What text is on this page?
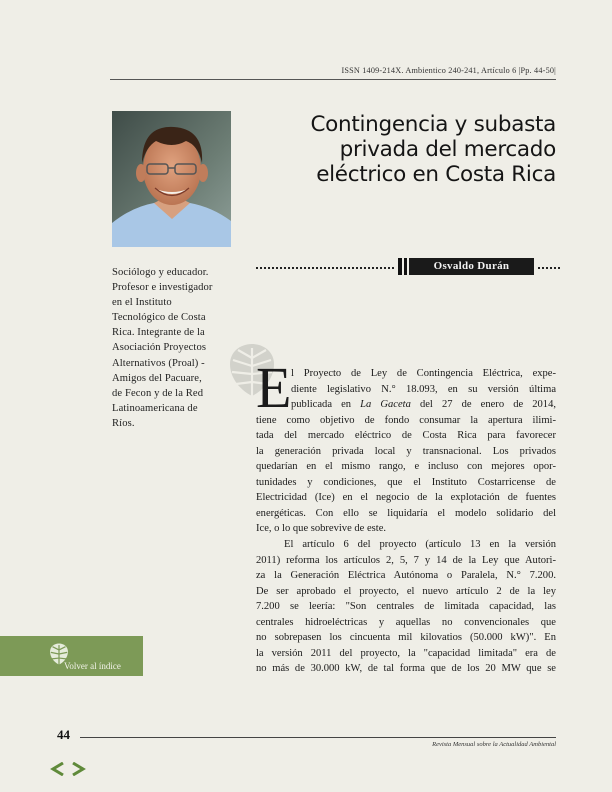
ISSN 1409-214X. Ambientico 240-241, Artículo 6 |Pp. 44-50|
Contingencia y subasta
privada del mercado
eléctrico en Costa Rica
Osvaldo Durán
Sociólogo y educador.
Profesor e investigador
en el Instituto
Tecnológico de Costa
Rica. Integrante de la
Asociación Proyectos
Alternativos (Proal) -
Amigos del Pacuare,
de Fecon y de la Red
Latinoamericana de
Ríos.
E l Proyecto de Ley de Contingencia Eléctrica, expe-
diente legislativo N.° 18.093, en su versión última
publicada en La Gaceta del 27 de enero de 2014,
tiene como objetivo de fondo consumar la apertura ilimi-
tada del mercado eléctrico de Costa Rica para favorecer
la generación privada local y transnacional. Los privados
quedarían en el mismo rango, e incluso con mejores opor-
tunidades y condiciones, que el Instituto Costarricense de
Electricidad (Ice) en el negocio de la explotación de fuentes
energéticas. Con ello se liquidaría el modelo solidario del
Ice, o lo que sobrevive de este.
El artículo 6 del proyecto (artículo 13 en la versión
2011) reforma los artículos 2, 5, 7 y 14 de la Ley que Autori-
za la Generación Eléctrica Autónoma o Paralela, N.° 7.200.
De ser aprobado el proyecto, el nuevo artículo 2 de la ley
7.200 se leería: "Son centrales de limitada capacidad, las
centrales hidroeléctricas y aquellas no convencionales que
no sobrepasen los cincuenta mil kilovatios (50.000 kW)". En
la versión 2011 del proyecto, la "capacidad limitada" era de
no más de 30.000 kW, de tal forma que de los 20 MW que se
Volver al índice
44
Revista Mensual sobre la Actualidad Ambiental
